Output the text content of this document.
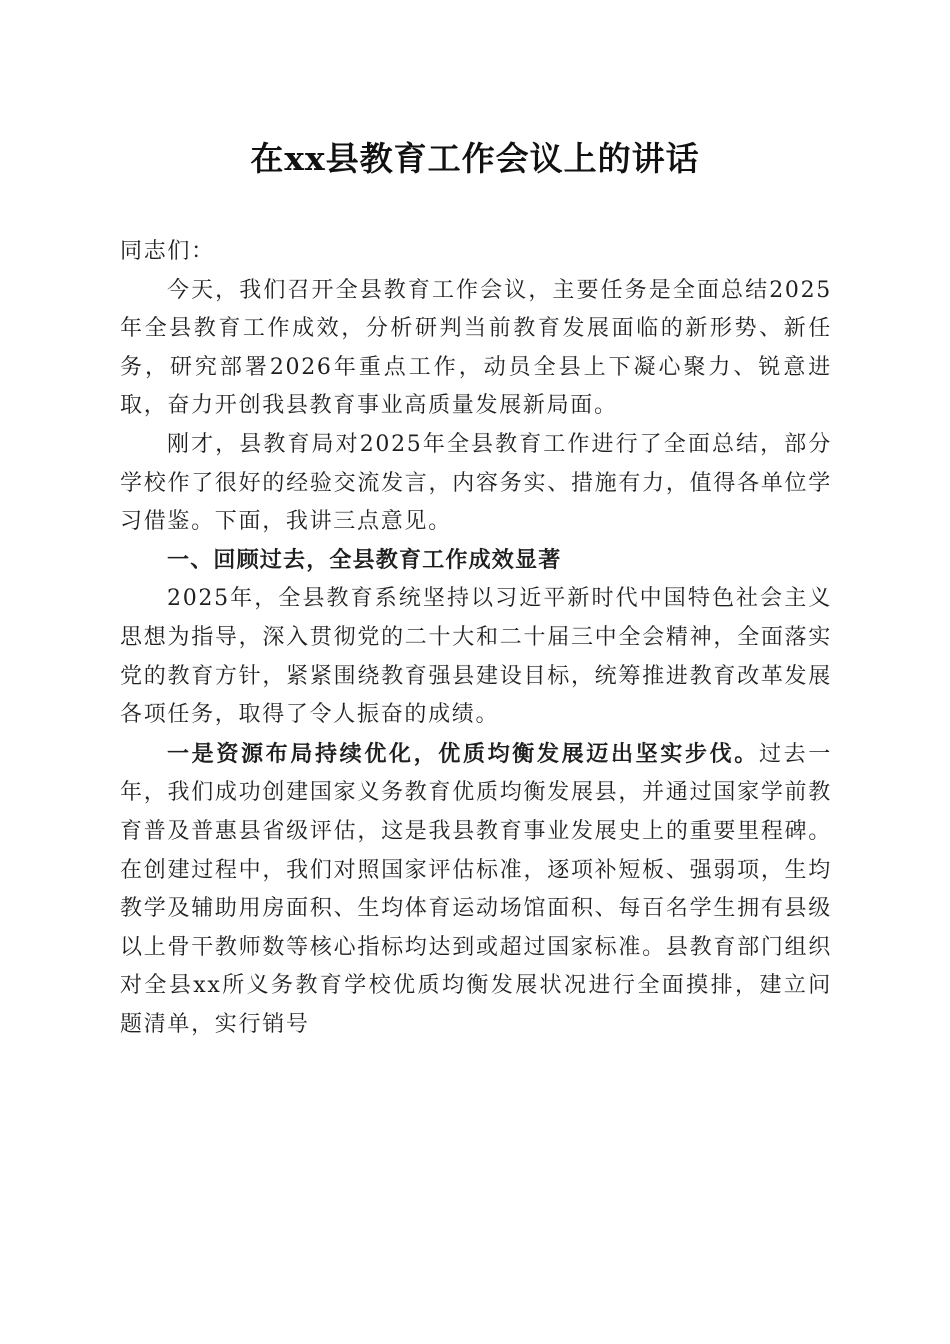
在xx县教育工作会议上的讲话

同志们：

今天，我们召开全县教育工作会议，主要任务是全面总结2025年全县教育工作成效，分析研判当前教育发展面临的新形势、新任务，研究部署2026年重点工作，动员全县上下凝心聚力、锐意进取，奋力开创我县教育事业高质量发展新局面。

刚才，县教育局对2025年全县教育工作进行了全面总结，部分学校作了很好的经验交流发言，内容务实、措施有力，值得各单位学习借鉴。下面，我讲三点意见。

一、回顾过去，全县教育工作成效显著

2025年，全县教育系统坚持以习近平新时代中国特色社会主义思想为指导，深入贯彻党的二十大和二十届三中全会精神，全面落实党的教育方针，紧紧围绕教育强县建设目标，统筹推进教育改革发展各项任务，取得了令人振奋的成绩。

一是资源布局持续优化，优质均衡发展迈出坚实步伐。过去一年，我们成功创建国家义务教育优质均衡发展县，并通过国家学前教育普及普惠县省级评估，这是我县教育事业发展史上的重要里程碑。在创建过程中，我们对照国家评估标准，逐项补短板、强弱项，生均教学及辅助用房面积、生均体育运动场馆面积、每百名学生拥有县级以上骨干教师数等核心指标均达到或超过国家标准。县教育部门组织对全县xx所义务教育学校优质均衡发展状况进行全面摸排，建立问题清单，实行销号
